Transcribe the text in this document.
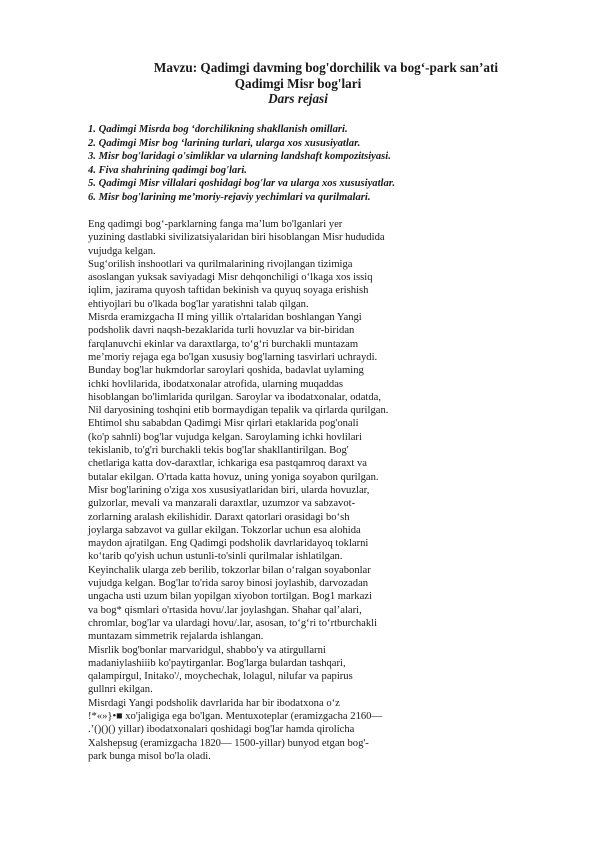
Mavzu: Qadimgi davming bog'dorchilik va bog‘-park san’ati
Qadimgi Misr bog'lari
Dars rejasi
1. Qadimgi Misrda bog ‘dorchilikning shakllanish omillari.
2. Qadimgi Misr bog ‘larining turlari, ularga xos xususiyatlar.
3. Misr bog'laridagi o'simliklar va ularning landshaft kompozitsiyasi.
4. Fiva shahrining qadimgi bog'lari.
5. Qadimgi Misr villalari qoshidagi bog'lar va ularga xos xususiyatlar.
6. Misr bog'larining me’moriy-rejaviy yechimlari va qurilmalari.
Eng qadimgi bog‘-parklarning fanga ma’lum bo'lganlari yer
yuzining dastlabki sivilizatsiyalaridan biri hisoblangan Misr hududida
vujudga kelgan.
Sug‘orilish inshootlari va qurilmalarining rivojlangan tizimiga
asoslangan yuksak saviyadagi Misr dehqonchiligi o‘lkaga xos issiq
iqlim, jazirama quyosh taftidan bekinish va quyuq soyaga erishish
ehtiyojlari bu o'lkada bog'lar yaratishni talab qilgan.
Misrda eramizgacha II ming yillik o'rtalaridan boshlangan Yangi
podsholik davri naqsh-bezaklarida turli hovuzlar va bir-biridan
farqlanuvchi ekinlar va daraxtlarga, to‘g‘ri burchakli muntazam
me’moriy rejaga ega bo'lgan xususiy bog'larning tasvirlari uchraydi.
Bunday bog'lar hukmdorlar saroylari qoshida, badavlat uylaming
ichki hovlilarida, ibodatxonalar atrofida, ularning muqaddas
hisoblangan bo'limlarida qurilgan. Saroylar va ibodatxonalar, odatda,
Nil daryosining toshqini etib bormaydigan tepalik va qirlarda qurilgan.
Ehtimol shu sababdan Qadimgi Misr qirlari etaklarida pog'onali
(ko'p sahnli) bog'lar vujudga kelgan. Saroylaming ichki hovlilari
tekislanib, to'g'ri burchakli tekis bog'lar shakllantirilgan. Bog'
chetlariga katta dov-daraxtlar, ichkariga esa pastqamroq daraxt va
butalar ekilgan. O'rtada katta hovuz, uning yoniga soyabon qurilgan.
Misr bog'larining o'ziga xos xususiyatlaridan biri, ularda hovuzlar,
gulzorlar, mevali va manzarali daraxtlar, uzumzor va sabzavot-
zorlarning aralash ekilishidir. Daraxt qatorlari orasidagi bo‘sh
joylarga sabzavot va gullar ekilgan. Tokzorlar uchun esa alohida
maydon ajratilgan. Eng Qadimgi podsholik davrlaridayoq toklarni
ko‘tarib qo'yish uchun ustunli-to'sinli qurilmalar ishlatilgan.
Keyinchalik ularga zeb berilib, tokzorlar bilan o‘ralgan soyabonlar
vujudga kelgan. Bog'lar to'rida saroy binosi joylashib, darvozadan
ungacha usti uzum bilan yopilgan xiyobon tortilgan. Bog1 markazi
va bog* qismlari o'rtasida hovu/.lar joylashgan. Shahar qal’alari,
chromlar, bog'lar va ulardagi hovu/.lar, asosan, to‘g‘ri to‘rtburchakli
muntazam simmetrik rejalarda ishlangan.
Misrlik bog'bonlar marvaridgul, shabbo'y va atirgullarni
madaniylashiiib ko'paytirganlar. Bog'larga bulardan tashqari,
qalampirgul, Initako'/, moychechak, lolagul, nilufar va papirus
gullnri ekilgan.
Misrdagi Yangi podsholik davrlarida har bir ibodatxona o‘z
!*«»}•■ xo'jaligiga ega bo'lgan. Mentuxoteplar (eramizgacha 2160—
.’()()() yillar) ibodatxonalari qoshidagi bog'lar hamda qirolicha
Xalshepsug (eramizgacha 1820— 1500-yillar) bunyod etgan bog'-
park bunga misol bo'la oladi.
